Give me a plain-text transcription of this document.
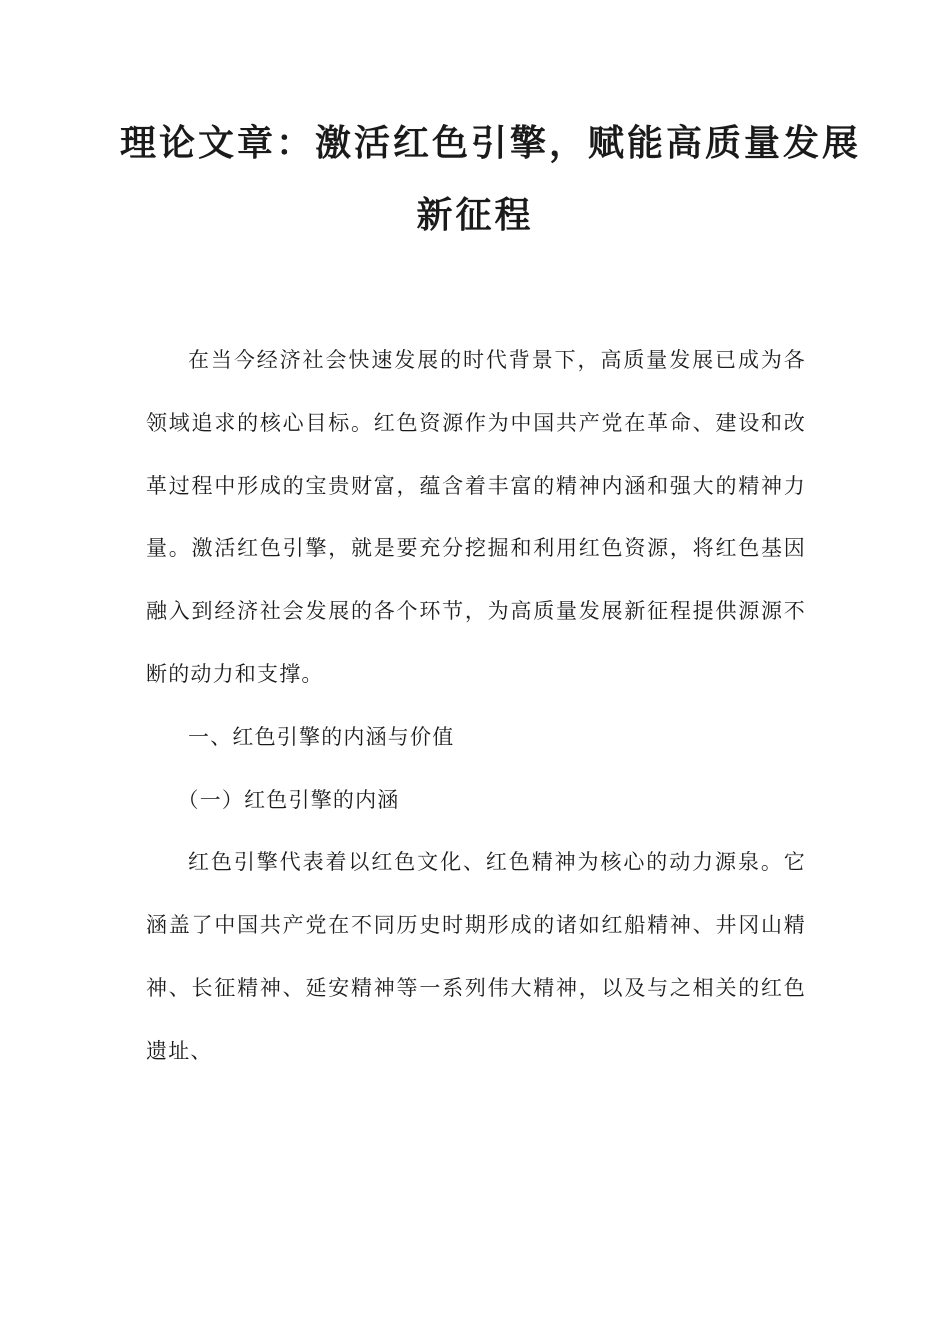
理论文章：激活红色引擎，赋能高质量发展
新征程

在当今经济社会快速发展的时代背景下，高质量发展已成为各领域追求的核心目标。红色资源作为中国共产党在革命、建设和改革过程中形成的宝贵财富，蕴含着丰富的精神内涵和强大的精神力量。激活红色引擎，就是要充分挖掘和利用红色资源，将红色基因融入到经济社会发展的各个环节，为高质量发展新征程提供源源不断的动力和支撑。

一、红色引擎的内涵与价值

（一）红色引擎的内涵

红色引擎代表着以红色文化、红色精神为核心的动力源泉。它涵盖了中国共产党在不同历史时期形成的诸如红船精神、井冈山精神、长征精神、延安精神等一系列伟大精神，以及与之相关的红色遗址、
